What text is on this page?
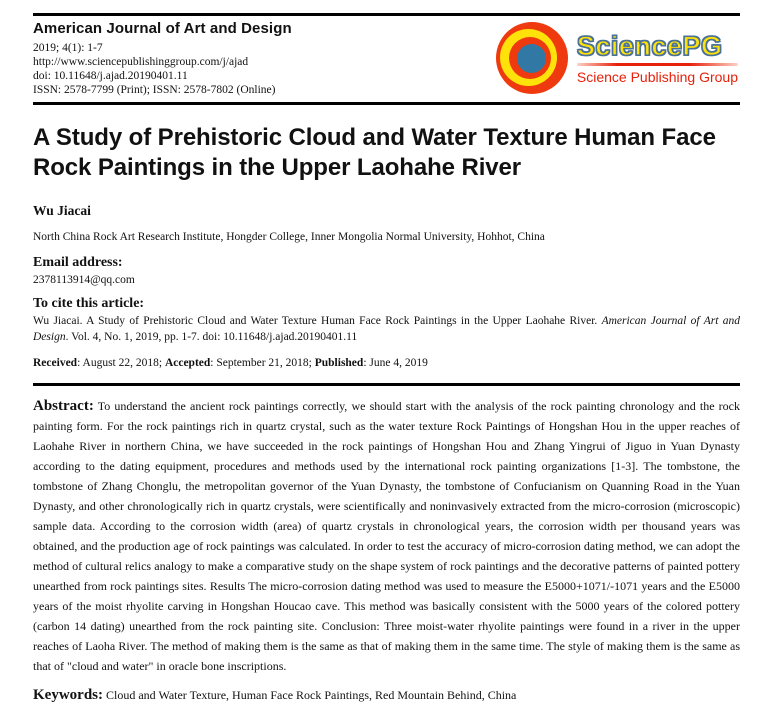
American Journal of Art and Design
2019; 4(1): 1-7
http://www.sciencepublishinggroup.com/j/ajad
doi: 10.11648/j.ajad.20190401.11
ISSN: 2578-7799 (Print); ISSN: 2578-7802 (Online)
SciencePG
Science Publishing Group
A Study of Prehistoric Cloud and Water Texture Human Face Rock Paintings in the Upper Laohahe River
Wu Jiacai
North China Rock Art Research Institute, Hongder College, Inner Mongolia Normal University, Hohhot, China
Email address:
2378113914@qq.com
To cite this article:

Wu Jiacai. A Study of Prehistoric Cloud and Water Texture Human Face Rock Paintings in the Upper Laohahe River. American Journal of Art and Design. Vol. 4, No. 1, 2019, pp. 1-7. doi: 10.11648/j.ajad.20190401.11

Received: August 22, 2018; Accepted: September 21, 2018; Published: June 4, 2019

Abstract: To understand the ancient rock paintings correctly, we should start with the analysis of the rock painting chronology and the rock painting form. For the rock paintings rich in quartz crystal, such as the water texture Rock Paintings of Hongshan Hou in the upper reaches of Laohahe River in northern China, we have succeeded in the rock paintings of Hongshan Hou and Zhang Yingrui of Jiguo in Yuan Dynasty according to the dating equipment, procedures and methods used by the international rock painting organizations [1-3]. The tombstone, the tombstone of Zhang Chonglu, the metropolitan governor of the Yuan Dynasty, the tombstone of Confucianism on Quanning Road in the Yuan Dynasty, and other chronologically rich in quartz crystals, were scientifically and noninvasively extracted from the micro-corrosion (microscopic) sample data. According to the corrosion width (area) of quartz crystals in chronological years, the corrosion width per thousand years was obtained, and the production age of rock paintings was calculated. In order to test the accuracy of micro-corrosion dating method, we can adopt the method of cultural relics analogy to make a comparative study on the shape system of rock paintings and the decorative patterns of painted pottery unearthed from rock paintings sites. Results The micro-corrosion dating method was used to measure the E5000+1071/-1071 years and the E5000 years of the moist rhyolite carving in Hongshan Houcao cave. This method was basically consistent with the 5000 years of the colored pottery (carbon 14 dating) unearthed from the rock painting site. Conclusion: Three moist-water rhyolite paintings were found in a river in the upper reaches of Laoha River. The method of making them is the same as that of making them in the same time. The style of making them is the same as that of "cloud and water" in oracle bone inscriptions.

Keywords: Cloud and Water Texture, Human Face Rock Paintings, Red Mountain Behind, China
